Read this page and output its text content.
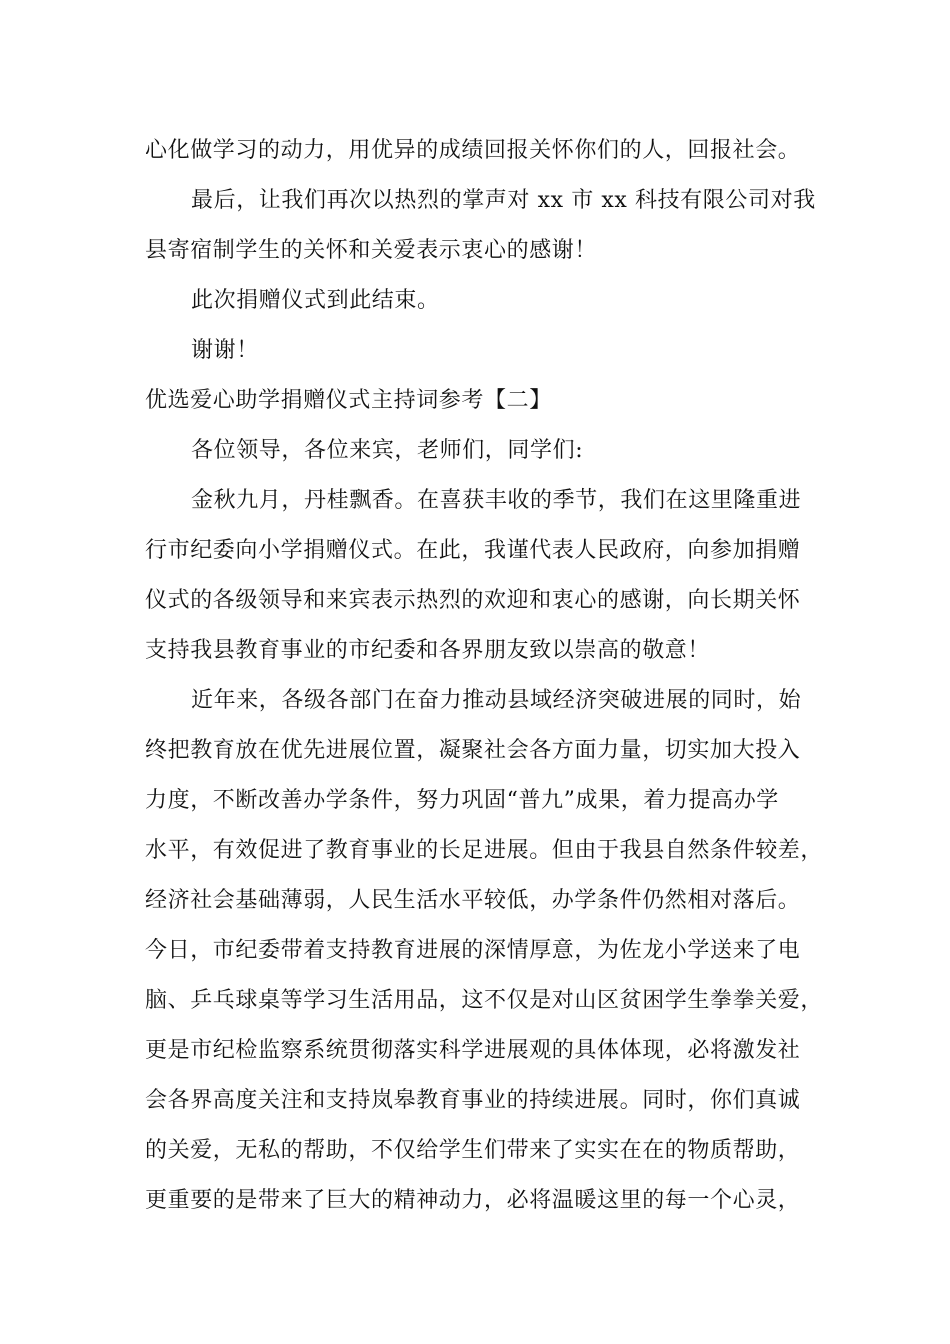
心化做学习的动力，用优异的成绩回报关怀你们的人，回报社会。
最后，让我们再次以热烈的掌声对 xx 市 xx 科技有限公司对我
县寄宿制学生的关怀和关爱表示衷心的感谢！
此次捐赠仪式到此结束。
谢谢！
优选爱心助学捐赠仪式主持词参考【二】
各位领导，各位来宾，老师们，同学们:
金秋九月，丹桂飘香。在喜获丰收的季节，我们在这里隆重进
行市纪委向小学捐赠仪式。在此，我谨代表人民政府，向参加捐赠
仪式的各级领导和来宾表示热烈的欢迎和衷心的感谢，向长期关怀
支持我县教育事业的市纪委和各界朋友致以崇高的敬意！
近年来，各级各部门在奋力推动县域经济突破进展的同时，始
终把教育放在优先进展位置，凝聚社会各方面力量，切实加大投入
力度，不断改善办学条件，努力巩固“普九”成果，着力提高办学
水平，有效促进了教育事业的长足进展。但由于我县自然条件较差，
经济社会基础薄弱，人民生活水平较低，办学条件仍然相对落后。
今日，市纪委带着支持教育进展的深情厚意，为佐龙小学送来了电
脑、乒乓球桌等学习生活用品，这不仅是对山区贫困学生拳拳关爱，
更是市纪检监察系统贯彻落实科学进展观的具体体现，必将激发社
会各界高度关注和支持岚皋教育事业的持续进展。同时，你们真诚
的关爱，无私的帮助，不仅给学生们带来了实实在在的物质帮助，
更重要的是带来了巨大的精神动力，必将温暖这里的每一个心灵，
